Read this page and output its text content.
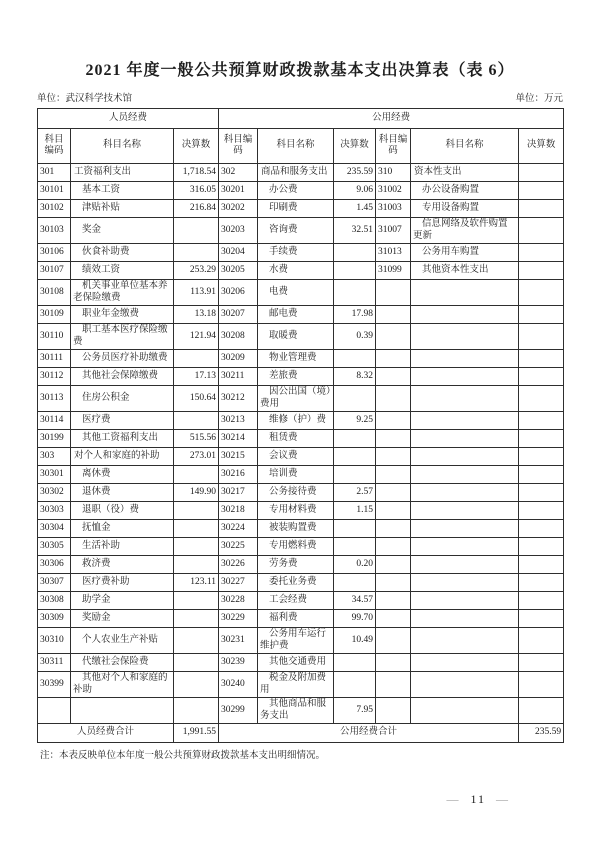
2021 年度一般公共预算财政拨款基本支出决算表（表 6）
单位：武汉科学技术馆	单位：万元
人员经费			公用经费					
科目编码	科目名称	决算数	科目编码	科目名称	决算数	科目编码	科目名称	决算数
301	工资福利支出	1,718.54	302	商品和服务支出	235.59	310	资本性支出	
30101	基本工资	316.05	30201	办公费	9.06	31002	办公设备购置	
30102	津贴补贴	216.84	30202	印刷费	1.45	31003	专用设备购置	
30103	奖金		30203	咨询费	32.51	31007	信息网络及软件购置更新	
30106	伙食补助费		30204	手续费		31013	公务用车购置	
30107	绩效工资	253.29	30205	水费		31099	其他资本性支出	
30108	机关事业单位基本养老保险缴费	113.91	30206	电费				
30109	职业年金缴费	13.18	30207	邮电费	17.98			
30110	职工基本医疗保险缴费	121.94	30208	取暖费	0.39			
30111	公务员医疗补助缴费		30209	物业管理费				
30112	其他社会保障缴费	17.13	30211	差旅费	8.32			
30113	住房公积金	150.64	30212	因公出国（境）费用				
30114	医疗费		30213	维修（护）费	9.25			
30199	其他工资福利支出	515.56	30214	租赁费				
303	对个人和家庭的补助	273.01	30215	会议费				
30301	离休费		30216	培训费				
30302	退休费	149.90	30217	公务接待费	2.57			
30303	退职（役）费		30218	专用材料费	1.15			
30304	抚恤金		30224	被装购置费				
30305	生活补助		30225	专用燃料费				
30306	救济费		30226	劳务费	0.20			
30307	医疗费补助	123.11	30227	委托业务费				
30308	助学金		30228	工会经费	34.57			
30309	奖励金		30229	福利费	99.70			
30310	个人农业生产补贴		30231	公务用车运行维护费	10.49			
30311	代缴社会保险费		30239	其他交通费用				
30399	其他对个人和家庭的补助		30240	税金及附加费用				
			30299	其他商品和服务支出	7.95			
人员经费合计		1,991.55	公用经费合计					235.59
注：本表反映单位本年度一般公共预算财政拨款基本支出明细情况。
— 11 —
